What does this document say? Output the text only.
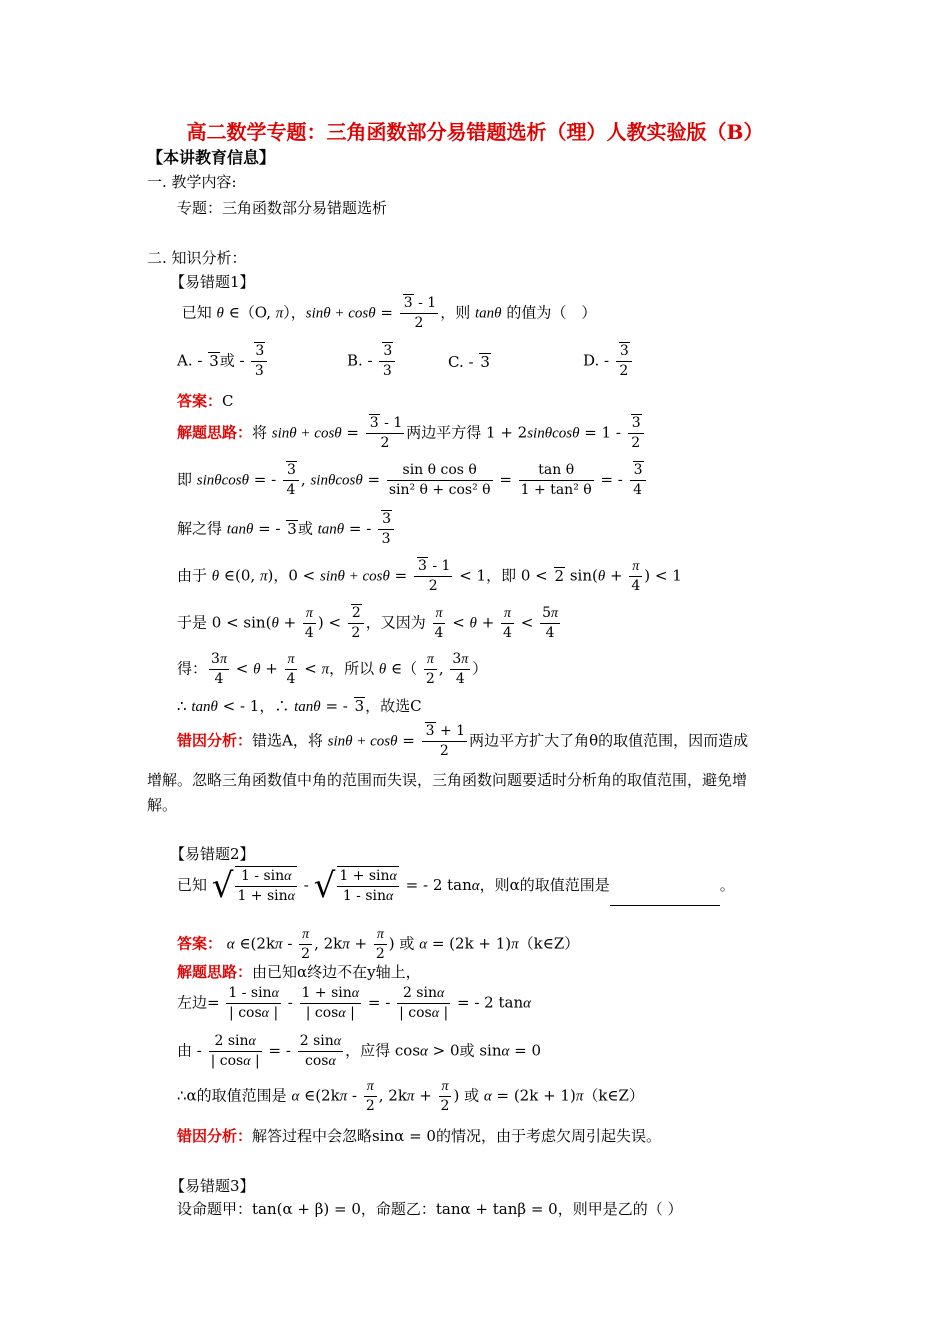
高二数学专题：三角函数部分易错题选析（理）人教实验版（B）
【本讲教育信息】
一. 教学内容:
专题：三角函数部分易错题选析
二. 知识分析：
【易错题1】
已知 θ ∈（O, π），$\sin\theta + \cos\theta = \frac{3 - 1}{2}$ ，则 tanθ 的值为（　）
A. - 3或 - $\frac{3}{3}$	B. - $\frac{3}{3}$	C. - 3	D. - $\frac{3}{2}$
答案：C
解题思路：将 $\sin\theta + \cos\theta = \frac{3 - 1}{2}$ 两边平方得 $1 + 2\sin\theta\cos\theta = 1 - \frac{3}{2}$
即 sinθcosθ = - $\frac{3}{4}$ , $\sin\theta\cos\theta = \frac{\text{sin θ cos θ}}{\text{sin² θ + cos² θ}} = \frac{\text{tan θ}}{\text{1 + tan² θ}}$ = - $\frac{3}{4}$
解之得 tanθ = - 3或 tanθ = - $\frac{3}{3}$
由于 θ ∈(0, π)，$0 < \sin\theta + \cos\theta = \frac{3 - 1}{2} < 1$，即 0 < 2 $\sin(\theta + \frac{\pi}{4}$ ) < 1
于是 $0 < \sin(\theta + \frac{\pi}{4}$ ) < $\frac{2}{2}$ ，又因为 $\frac{\pi}{4} < \theta + \frac{\pi}{4} < \frac{5\pi}{4}$
得： $\frac{3\pi}{4} < \theta + \frac{\pi}{4} < \pi$，所以 θ ∈（ $\frac{\pi}{2}$ , $\frac{3\pi}{4}$ ）
∴ tanθ < - 1，∴ tanθ = - 3，故选C
错因分析：错选A，将 $\sin\theta + \cos\theta = \frac{3 + 1}{2}$ 两边平方扩大了角θ的取值范围，因而造成
增解。忽略三角函数值中角的范围而失误，三角函数问题要适时分析角的取值范围，避免增
解。
【易错题2】
已知 √ $\frac{1 - \sin\alpha}{1 + \sin\alpha}$ - √ $\frac{1 + \sin\alpha}{1 - \sin\alpha}$ = - 2 tanα，则α的取值范围是	。
答案： α ∈(2kπ - $\frac{\pi}{2}$ , $2k\pi + \frac{\pi}{2}$ ) 或 α = (2k + 1)π（k∈Z）
解题思路：由已知α终边不在y轴上，
左边= $\frac{1 - \sin\alpha}{| \cos\alpha |} - \frac{1 + \sin\alpha}{| \cos\alpha |}$ = - $\frac{2 \sin\alpha}{| \cos\alpha |}$ = - 2 tanα
由 - $\frac{2 \sin\alpha}{| \cos\alpha |}$ = - $\frac{2 \sin\alpha}{\cos\alpha}$ ，应得 cosα > 0或 sinα = 0
∴α的取值范围是 α ∈(2kπ - $\frac{\pi}{2}$ , $2k\pi + \frac{\pi}{2}$ ) 或 α = (2k + 1)π（k∈Z）
错因分析：解答过程中会忽略sinα = 0的情况，由于考虑欠周引起失误。
【易错题3】
设命题甲：tan(α + β) = 0，命题乙：tanα + tanβ = 0，则甲是乙的（ ）
